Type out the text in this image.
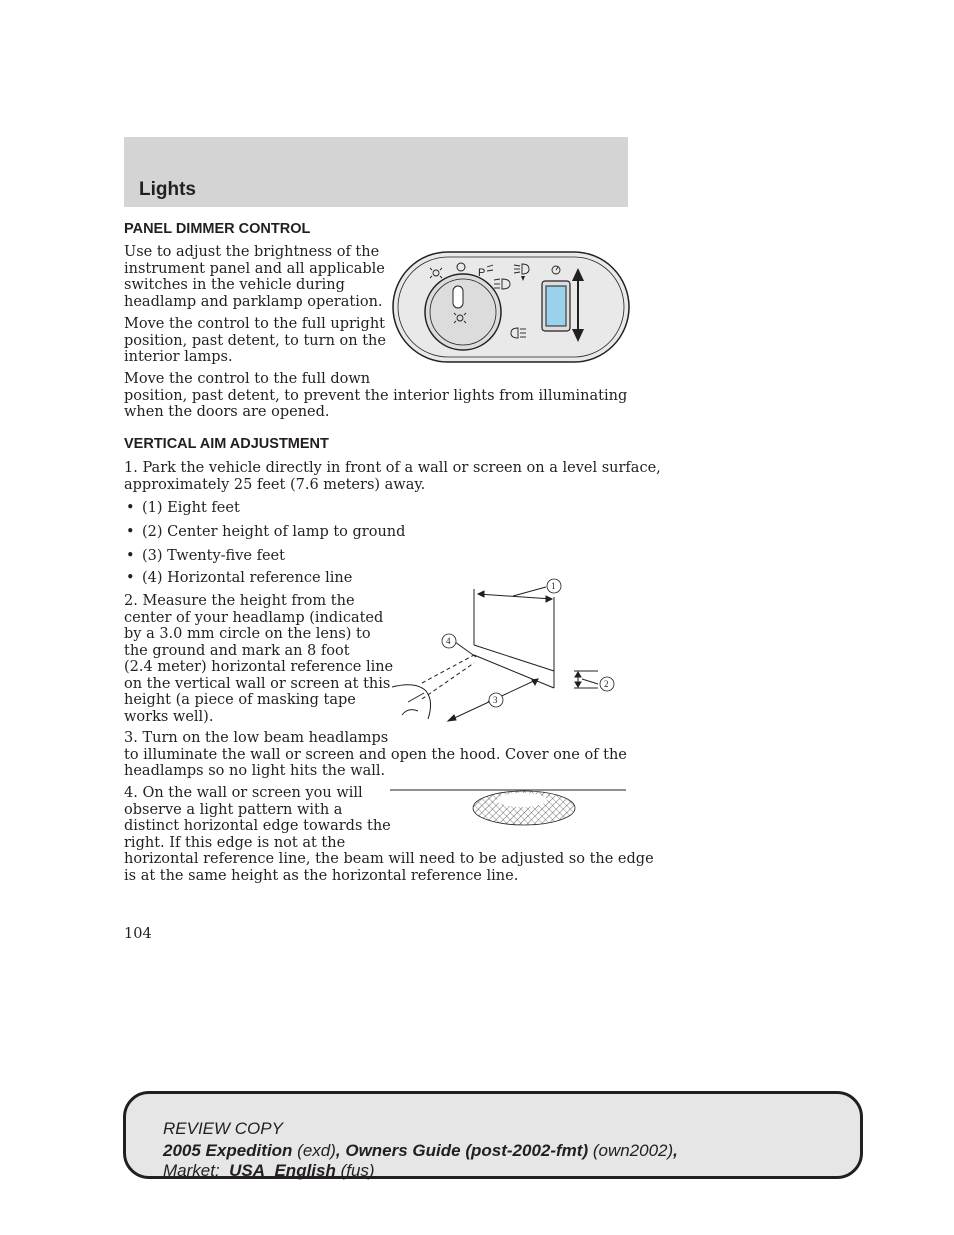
Lights
PANEL DIMMER CONTROL
Use to adjust the brightness of the
instrument panel and all applicable
switches in the vehicle during
headlamp and parklamp operation.
Move the control to the full upright
position, past detent, to turn on the
interior lamps.
Move the control to the full down
position, past detent, to prevent the interior lights from illuminating
when the doors are opened.
P
VERTICAL AIM ADJUSTMENT
1. Park the vehicle directly in front of a wall or screen on a level surface,
approximately 25 feet (7.6 meters) away.
• (1) Eight feet
• (2) Center height of lamp to ground
• (3) Twenty-five feet
• (4) Horizontal reference line
2. Measure the height from the
center of your headlamp (indicated
by a 3.0 mm circle on the lens) to
the ground and mark an 8 foot
(2.4 meter) horizontal reference line
on the vertical wall or screen at this
height (a piece of masking tape
works well).
1
2
3
4
3. Turn on the low beam headlamps
to illuminate the wall or screen and open the hood. Cover one of the
headlamps so no light hits the wall.
4. On the wall or screen you will
observe a light pattern with a
distinct horizontal edge towards the
right. If this edge is not at the
horizontal reference line, the beam will need to be adjusted so the edge
is at the same height as the horizontal reference line.
104
REVIEW COPY
2005 Expedition (exd), Owners Guide (post-2002-fmt) (own2002),
Market:  USA_English (fus)
